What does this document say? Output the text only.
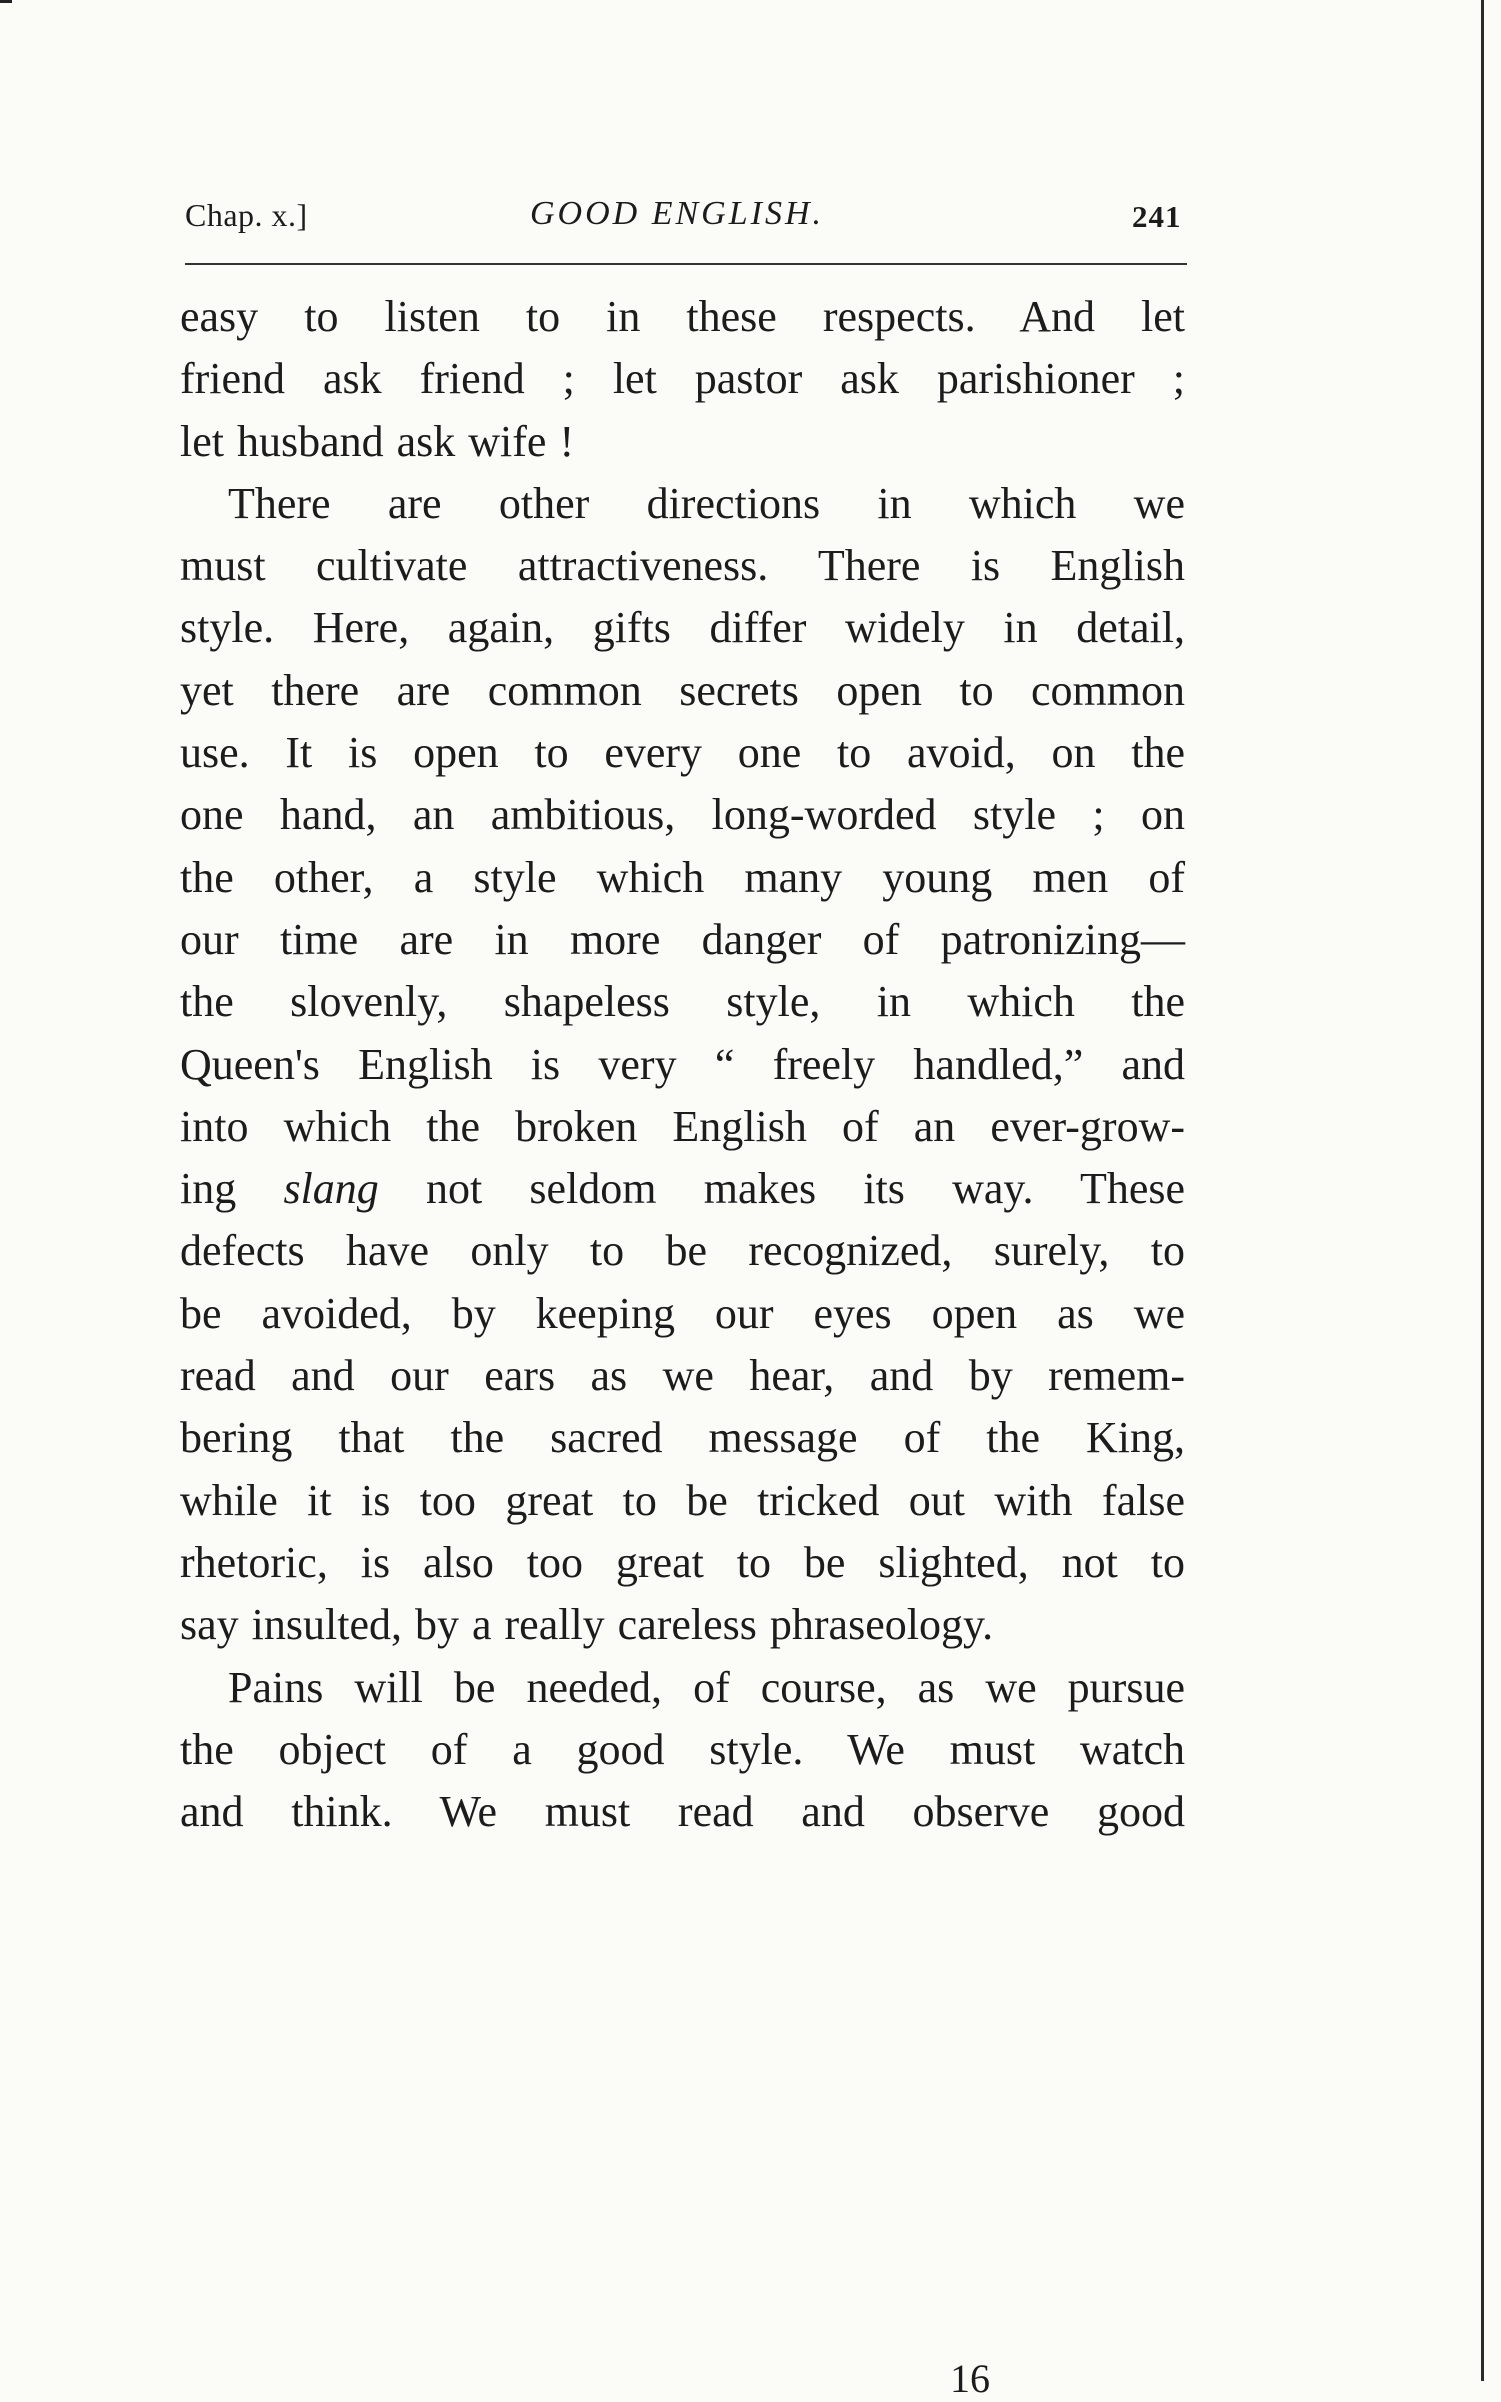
Chap. x.]	GOOD ENGLISH.	241
easy to listen to in these respects. And let
friend ask friend ; let pastor ask parishioner ;
let husband ask wife !
There are other directions in which we
must cultivate attractiveness. There is English
style. Here, again, gifts differ widely in detail,
yet there are common secrets open to common
use. It is open to every one to avoid, on the
one hand, an ambitious, long-worded style ; on
the other, a style which many young men of
our time are in more danger of patronizing—
the slovenly, shapeless style, in which the
Queen's English is very “ freely handled,” and
into which the broken English of an ever-grow-
ing slang not seldom makes its way. These
defects have only to be recognized, surely, to
be avoided, by keeping our eyes open as we
read and our ears as we hear, and by remem-
bering that the sacred message of the King,
while it is too great to be tricked out with false
rhetoric, is also too great to be slighted, not to
say insulted, by a really careless phraseology.
Pains will be needed, of course, as we pursue
the object of a good style. We must watch
and think. We must read and observe good
16
